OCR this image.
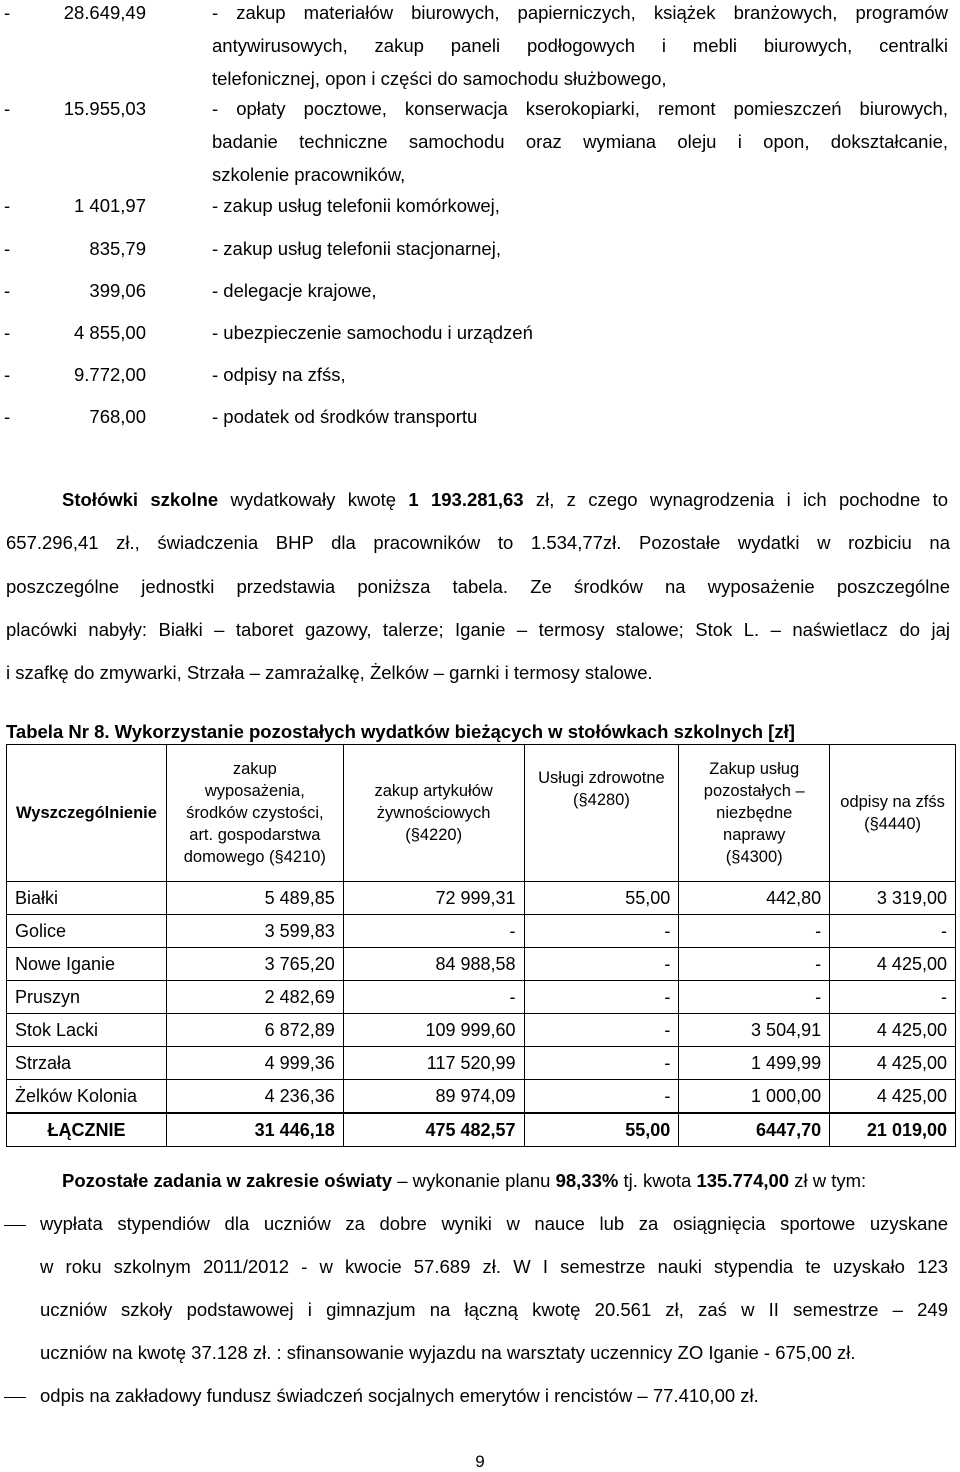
-	28.649,49	- zakup materiałów biurowych, papierniczych, książek branżowych, programów
antywirusowych, zakup paneli podłogowych i mebli biurowych, centralki
telefonicznej, opon i części do samochodu służbowego,
-	15.955,03	- opłaty pocztowe, konserwacja kserokopiarki, remont pomieszczeń biurowych,
badanie techniczne samochodu oraz wymiana oleju i opon, dokształcanie,
szkolenie pracowników,
-	1 401,97	- zakup usług telefonii komórkowej,
-	835,79	- zakup usług telefonii stacjonarnej,
-	399,06	- delegacje krajowe,
-	4 855,00	- ubezpieczenie samochodu i urządzeń
-	9.772,00	- odpisy na zfśs,
-	768,00	- podatek od środków transportu
Stołówki szkolne wydatkowały kwotę 1 193.281,63 zł, z czego wynagrodzenia i ich pochodne to
657.296,41 zł., świadczenia BHP dla pracowników to 1.534,77zł. Pozostałe wydatki w rozbiciu na
poszczególne jednostki przedstawia poniższa tabela. Ze środków na wyposażenie poszczególne
placówki nabyły: Białki – taboret gazowy, talerze; Iganie – termosy stalowe; Stok L. – naświetlacz do jaj
i szafkę do zmywarki, Strzała – zamrażalkę, Żelków – garnki i termosy stalowe.
Tabela Nr 8. Wykorzystanie pozostałych wydatków bieżących w stołówkach szkolnych [zł]
Wyszczególnienie	zakup
wyposażenia,
środków czystości,
art. gospodarstwa
domowego (§4210)	zakup artykułów
żywnościowych
(§4220)	Usługi zdrowotne
(§4280)	Zakup usług
pozostałych –
niezbędne
naprawy
(§4300)	odpisy na zfśs
(§4440)
Białki	5 489,85	72 999,31	55,00	442,80	3 319,00
Golice	3 599,83	-	-	-	-
Nowe Iganie	3 765,20	84 988,58	-	-	4 425,00
Pruszyn	2 482,69	-	-	-	-
Stok Lacki	6 872,89	109 999,60	-	3 504,91	4 425,00
Strzała	4 999,36	117 520,99	-	1 499,99	4 425,00
Żelków Kolonia	4 236,36	89 974,09	-	1 000,00	4 425,00
ŁĄCZNIE	31 446,18	475 482,57	55,00	6447,70	21 019,00
Pozostałe zadania w zakresie oświaty – wykonanie planu 98,33% tj. kwota 135.774,00 zł w tym:
wypłata stypendiów dla uczniów za dobre wyniki w nauce lub za osiągnięcia sportowe uzyskane
w roku szkolnym 2011/2012 - w kwocie 57.689 zł. W I semestrze nauki stypendia te uzyskało 123
uczniów szkoły podstawowej i gimnazjum na łączną kwotę 20.561 zł, zaś w II semestrze – 249
uczniów na kwotę 37.128 zł. : sfinansowanie wyjazdu na warsztaty uczennicy ZO Iganie - 675,00 zł.
odpis na zakładowy fundusz świadczeń socjalnych emerytów i rencistów – 77.410,00 zł.
9
